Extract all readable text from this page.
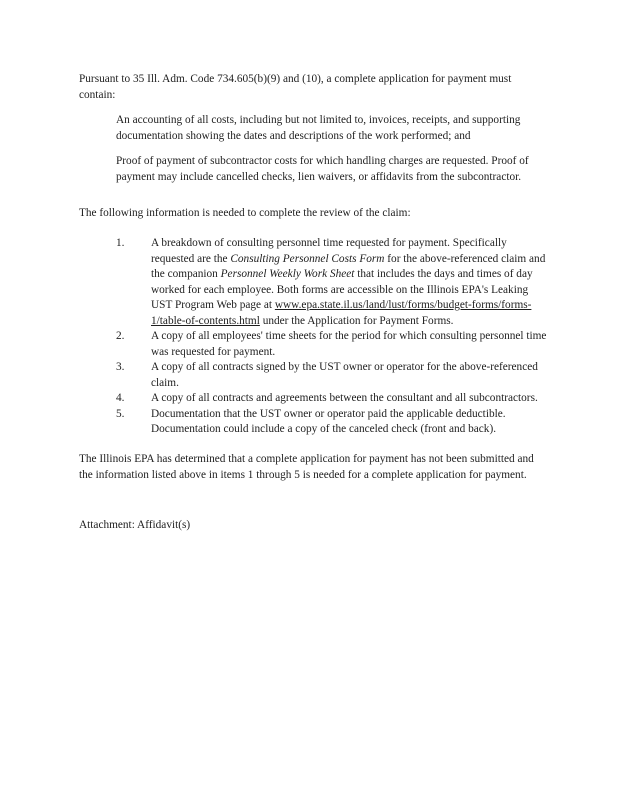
Pursuant to 35 Ill. Adm. Code 734.605(b)(9) and (10), a complete application for payment must contain:

An accounting of all costs, including but not limited to, invoices, receipts, and supporting documentation showing the dates and descriptions of the work performed; and

Proof of payment of subcontractor costs for which handling charges are requested. Proof of payment may include cancelled checks, lien waivers, or affidavits from the subcontractor.

The following information is needed to complete the review of the claim:

1. A breakdown of consulting personnel time requested for payment. Specifically requested are the Consulting Personnel Costs Form for the above-referenced claim and the companion Personnel Weekly Work Sheet that includes the days and times of day worked for each employee. Both forms are accessible on the Illinois EPA's Leaking UST Program Web page at www.epa.state.il.us/land/lust/forms/budget-forms/forms-1/table-of-contents.html under the Application for Payment Forms.
2. A copy of all employees' time sheets for the period for which consulting personnel time was requested for payment.
3. A copy of all contracts signed by the UST owner or operator for the above-referenced claim.
4. A copy of all contracts and agreements between the consultant and all subcontractors.
5. Documentation that the UST owner or operator paid the applicable deductible. Documentation could include a copy of the canceled check (front and back).

The Illinois EPA has determined that a complete application for payment has not been submitted and the information listed above in items 1 through 5 is needed for a complete application for payment.

Attachment: Affidavit(s)
